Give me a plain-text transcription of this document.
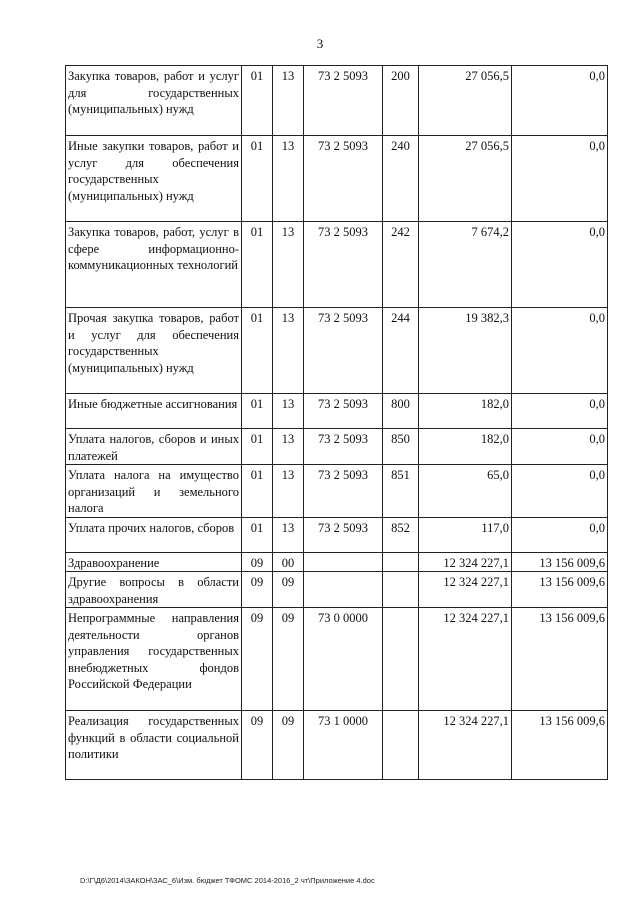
3
Закупка товаров, работ и услуг для государственных (муниципальных) нужд	01	13	73 2 5093	200	27 056,5	0,0
Иные закупки товаров, работ и услуг для обеспечения государственных (муниципальных) нужд	01	13	73 2 5093	240	27 056,5	0,0
Закупка товаров, работ, услуг в сфере информационно-коммуникационных технологий	01	13	73 2 5093	242	7 674,2	0,0
Прочая закупка товаров, работ и услуг для обеспечения государственных (муниципальных) нужд	01	13	73 2 5093	244	19 382,3	0,0
Иные бюджетные ассигнования	01	13	73 2 5093	800	182,0	0,0
Уплата налогов, сборов и иных платежей	01	13	73 2 5093	850	182,0	0,0
Уплата налога на имущество организаций и земельного налога	01	13	73 2 5093	851	65,0	0,0
Уплата прочих налогов, сборов	01	13	73 2 5093	852	117,0	0,0
Здравоохранение	09	00			12 324 227,1	13 156 009,6
Другие вопросы в области здравоохранения	09	09			12 324 227,1	13 156 009,6
Непрограммные направления деятельности органов управления государственных внебюджетных фондов Российской Федерации	09	09	73 0 0000		12 324 227,1	13 156 009,6
Реализация государственных функций в области социальной политики	09	09	73 1 0000		12 324 227,1	13 156 009,6
D:\Г\Д6\2014\ЗАКОН\ЗАС_6\Изм. бюджет ТФОМС 2014-2016_2 чт\Приложение 4.doc
